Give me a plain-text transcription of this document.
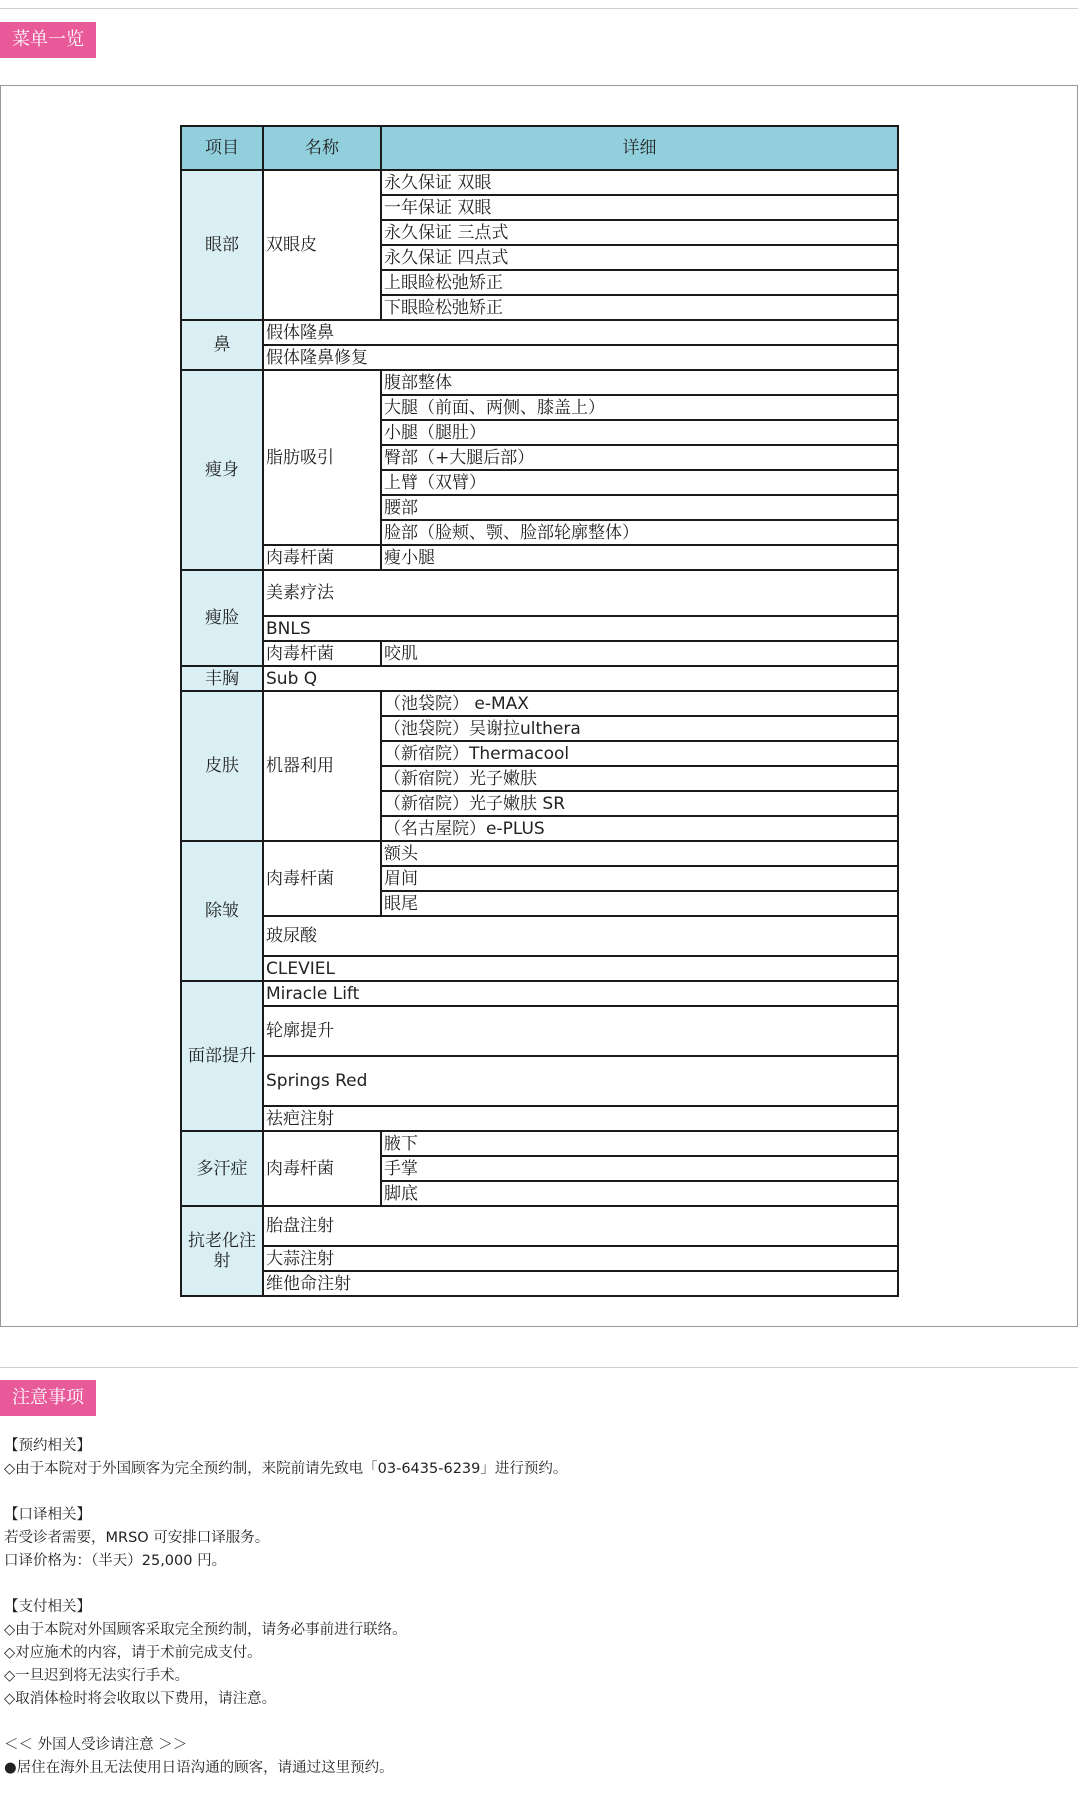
菜单一览
项目	名称	详细
眼部	双眼皮	永久保证 双眼
		一年保证 双眼
		永久保证 三点式
		永久保证 四点式
		上眼睑松弛矫正
		下眼睑松弛矫正
鼻	假体隆鼻	
	假体隆鼻修复	
瘦身	脂肪吸引	腹部整体
		大腿（前面、两侧、膝盖上）
		小腿（腿肚）
		臀部（+大腿后部）
		上臂（双臂）
		腰部
		脸部（脸颊、颚、脸部轮廓整体）
	肉毒杆菌	瘦小腿
瘦脸	美素疗法	
	BNLS	
	肉毒杆菌	咬肌
丰胸	Sub Q	
皮肤	机器利用	（池袋院） e-MAX
		（池袋院）吴谢拉ulthera
		（新宿院）Thermacool
		（新宿院）光子嫩肤
		（新宿院）光子嫩肤 SR
		（名古屋院）e-PLUS
除皱	肉毒杆菌	额头
		眉间
		眼尾
	玻尿酸	
	CLEVIEL	
面部提升	Miracle Lift	
	轮廓提升	
	Springs Red	
	祛疤注射	
多汗症	肉毒杆菌	腋下
		手掌
		脚底
抗老化注射	胎盘注射	
	大蒜注射	
	维他命注射	
注意事项

【预约相关】

◇由于本院对于外国顾客为完全预约制，来院前请先致电「03-6435-6239」进行预约。

【口译相关】

若受诊者需要，MRSO 可安排口译服务。

口译价格为：（半天）25,000 円。

【支付相关】

◇由于本院对外国顾客采取完全预约制，请务必事前进行联络。

◇对应施术的内容，请于术前完成支付。

◇一旦迟到将无法实行手术。

◇取消体检时将会收取以下费用，请注意。

＜＜ 外国人受诊请注意 ＞＞

●居住在海外且无法使用日语沟通的顾客，请通过这里预约。
